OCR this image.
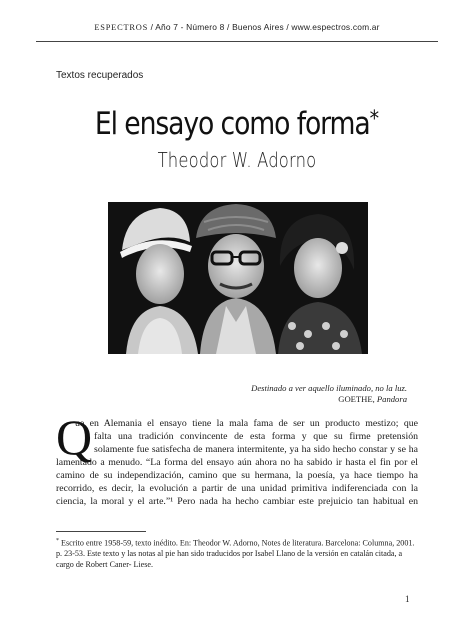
ESPECTROS / Año 7 - Número 8 / Buenos Aires / www.espectros.com.ar
Textos recuperados
El ensayo como forma*
Theodor W. Adorno
Destinado a ver aquello iluminado, no la luz.
GOETHE, Pandora
Q
ue en Alemania el ensayo tiene la mala fama de ser un producto mestizo; que
falta una tradición convincente de esta forma y que su firme pretensión
solamente fue satisfecha de manera intermitente, ya ha sido hecho constar y se ha
lamentado a menudo. “La forma del ensayo aún ahora no ha sabido ir hasta el fin por el
camino de su independización, camino que su hermana, la poesía, ya hace tiempo ha
recorrido, es decir, la evolución a partir de una unidad primitiva indiferenciada con la
ciencia, la moral y el arte.”¹ Pero nada ha hecho cambiar este prejuicio tan habitual en
* Escrito entre 1958-59, texto inédito. En: Theodor W. Adorno, Notes de literatura. Barcelona: Columna, 2001. p. 23-53. Este texto y las notas al pie han sido traducidos por Isabel Llano de la versión en catalán citada, a cargo de Robert Caner- Liese.
1
